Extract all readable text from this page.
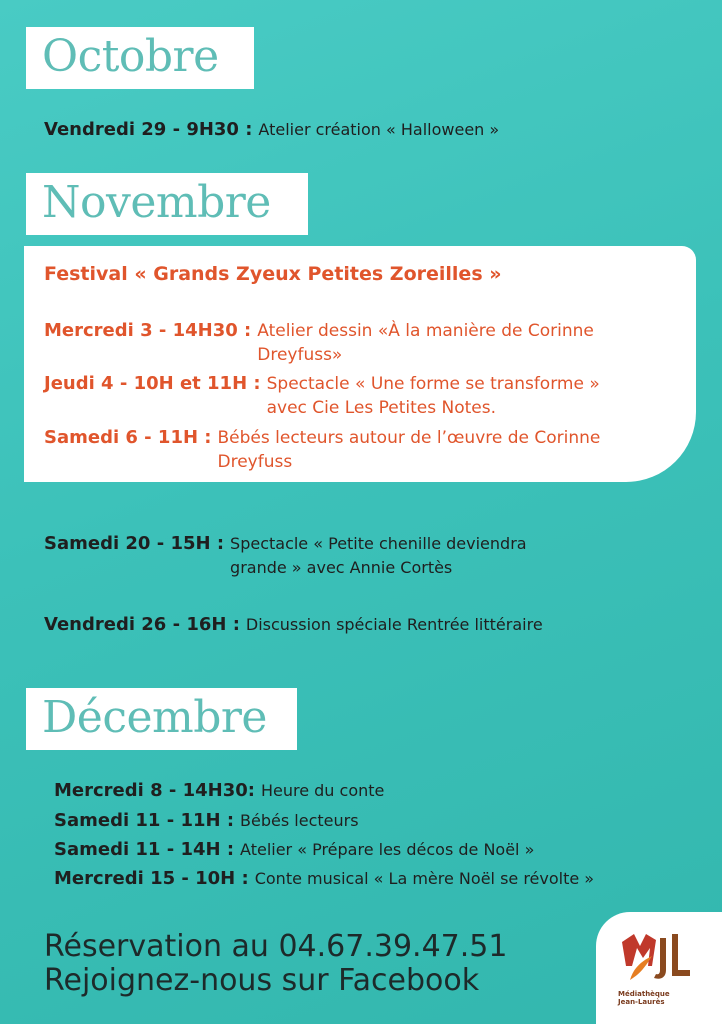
Octobre
Vendredi 29 - 9H30 : Atelier création « Halloween »
Novembre
Festival « Grands Zyeux Petites Zoreilles »
Mercredi 3 - 14H30 : Atelier dessin «À la manière de Corinne
Dreyfuss»
Jeudi 4 - 10H et 11H : Spectacle « Une forme se transforme »
avec Cie Les Petites Notes.
Samedi 6 - 11H : Bébés lecteurs autour de l’œuvre de Corinne
Dreyfuss
Samedi 20 - 15H : Spectacle « Petite chenille deviendra
grande » avec Annie Cortès
Vendredi 26 - 16H : Discussion spéciale Rentrée littéraire
Décembre
Mercredi 8 - 14H30: Heure du conte
Samedi 11 - 11H : Bébés lecteurs
Samedi 11 - 14H : Atelier « Prépare les décos de Noël »
Mercredi 15 - 10H : Conte musical « La mère Noël se révolte »
Réservation au 04.67.39.47.51
Rejoignez-nous sur Facebook	Médiathèque
Jean-Laurès
